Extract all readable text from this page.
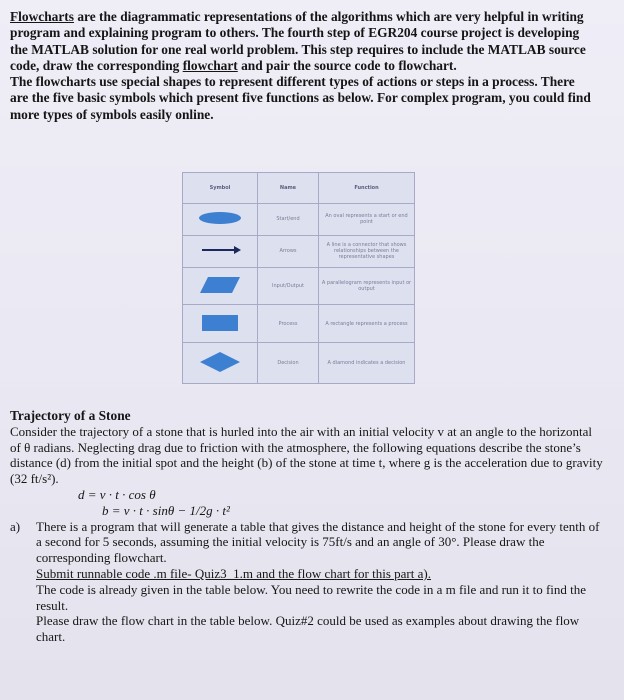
Flowcharts are the diagrammatic representations of the algorithms which are very helpful in writing program and explaining program to others. The fourth step of EGR204 course project is developing the MATLAB solution for one real world problem. This step requires to include the MATLAB source code, draw the corresponding flowchart and pair the source code to flowchart.

The flowcharts use special shapes to represent different types of actions or steps in a process. There are the five basic symbols which present five functions as below. For complex program, you could find more types of symbols easily online.

Symbol	Name	Function
	Start/end	An oval represents a start or end point
	Arrows	A line is a connector that shows relationships between the representative shapes
	Input/Output	A parallelogram represents input or output
	Process	A rectangle represents a process
	Decision	A diamond indicates a decision

Trajectory of a Stone

Consider the trajectory of a stone that is hurled into the air with an initial velocity v at an angle to the horizontal of θ radians. Neglecting drag due to friction with the atmosphere, the following equations describe the stone’s distance (d) from the initial spot and the height (b) of the stone at time t, where g is the acceleration due to gravity (32 ft/s²).

d = v · t · cos θ

b = v · t · sinθ − 1/2g · t²

a)	There is a program that will generate a table that gives the distance and height of the stone for every tenth of a second for 5 seconds, assuming the initial velocity is 75ft/s and an angle of 30°. Please draw the corresponding flowchart.

Submit runnable code .m file- Quiz3_1.m and the flow chart for this part a).

The code is already given in the table below. You need to rewrite the code in a m file and run it to find the result.

Please draw the flow chart in the table below. Quiz#2 could be used as examples about drawing the flow chart.
